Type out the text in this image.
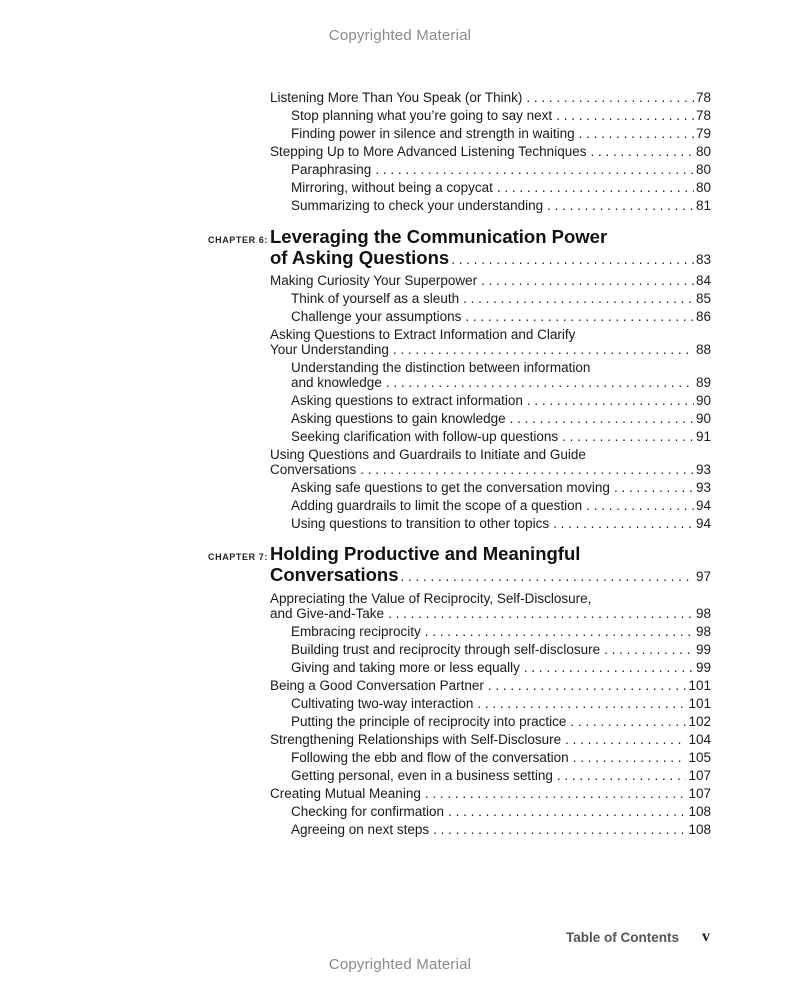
Copyrighted Material
Listening More Than You Speak (or Think) . . .	78
Stop planning what you’re going to say next . . .	78
Finding power in silence and strength in waiting . . .	79
Stepping Up to More Advanced Listening Techniques . . .	80
Paraphrasing . . .	80
Mirroring, without being a copycat . . .	80
Summarizing to check your understanding . . .	81
CHAPTER 6: Leveraging the Communication Power
of Asking Questions . . .	83
Making Curiosity Your Superpower . . .	84
Think of yourself as a sleuth . . .	85
Challenge your assumptions . . .	86
Asking Questions to Extract Information and Clarify
Your Understanding . . .	88
Understanding the distinction between information
and knowledge . . .	89
Asking questions to extract information . . .	90
Asking questions to gain knowledge . . .	90
Seeking clarification with follow-up questions . . .	91
Using Questions and Guardrails to Initiate and Guide
Conversations . . .	93
Asking safe questions to get the conversation moving . . .	93
Adding guardrails to limit the scope of a question . . .	94
Using questions to transition to other topics . . .	94
CHAPTER 7: Holding Productive and Meaningful
Conversations . . .	97
Appreciating the Value of Reciprocity, Self-Disclosure,
and Give-and-Take . . .	98
Embracing reciprocity . . .	98
Building trust and reciprocity through self-disclosure . . .	99
Giving and taking more or less equally . . .	99
Being a Good Conversation Partner . . .	101
Cultivating two-way interaction . . .	101
Putting the principle of reciprocity into practice . . .	102
Strengthening Relationships with Self-Disclosure . . .	104
Following the ebb and flow of the conversation . . .	105
Getting personal, even in a business setting . . .	107
Creating Mutual Meaning . . .	107
Checking for confirmation . . .	108
Agreeing on next steps . . .	108
Table of Contents v
Copyrighted Material
